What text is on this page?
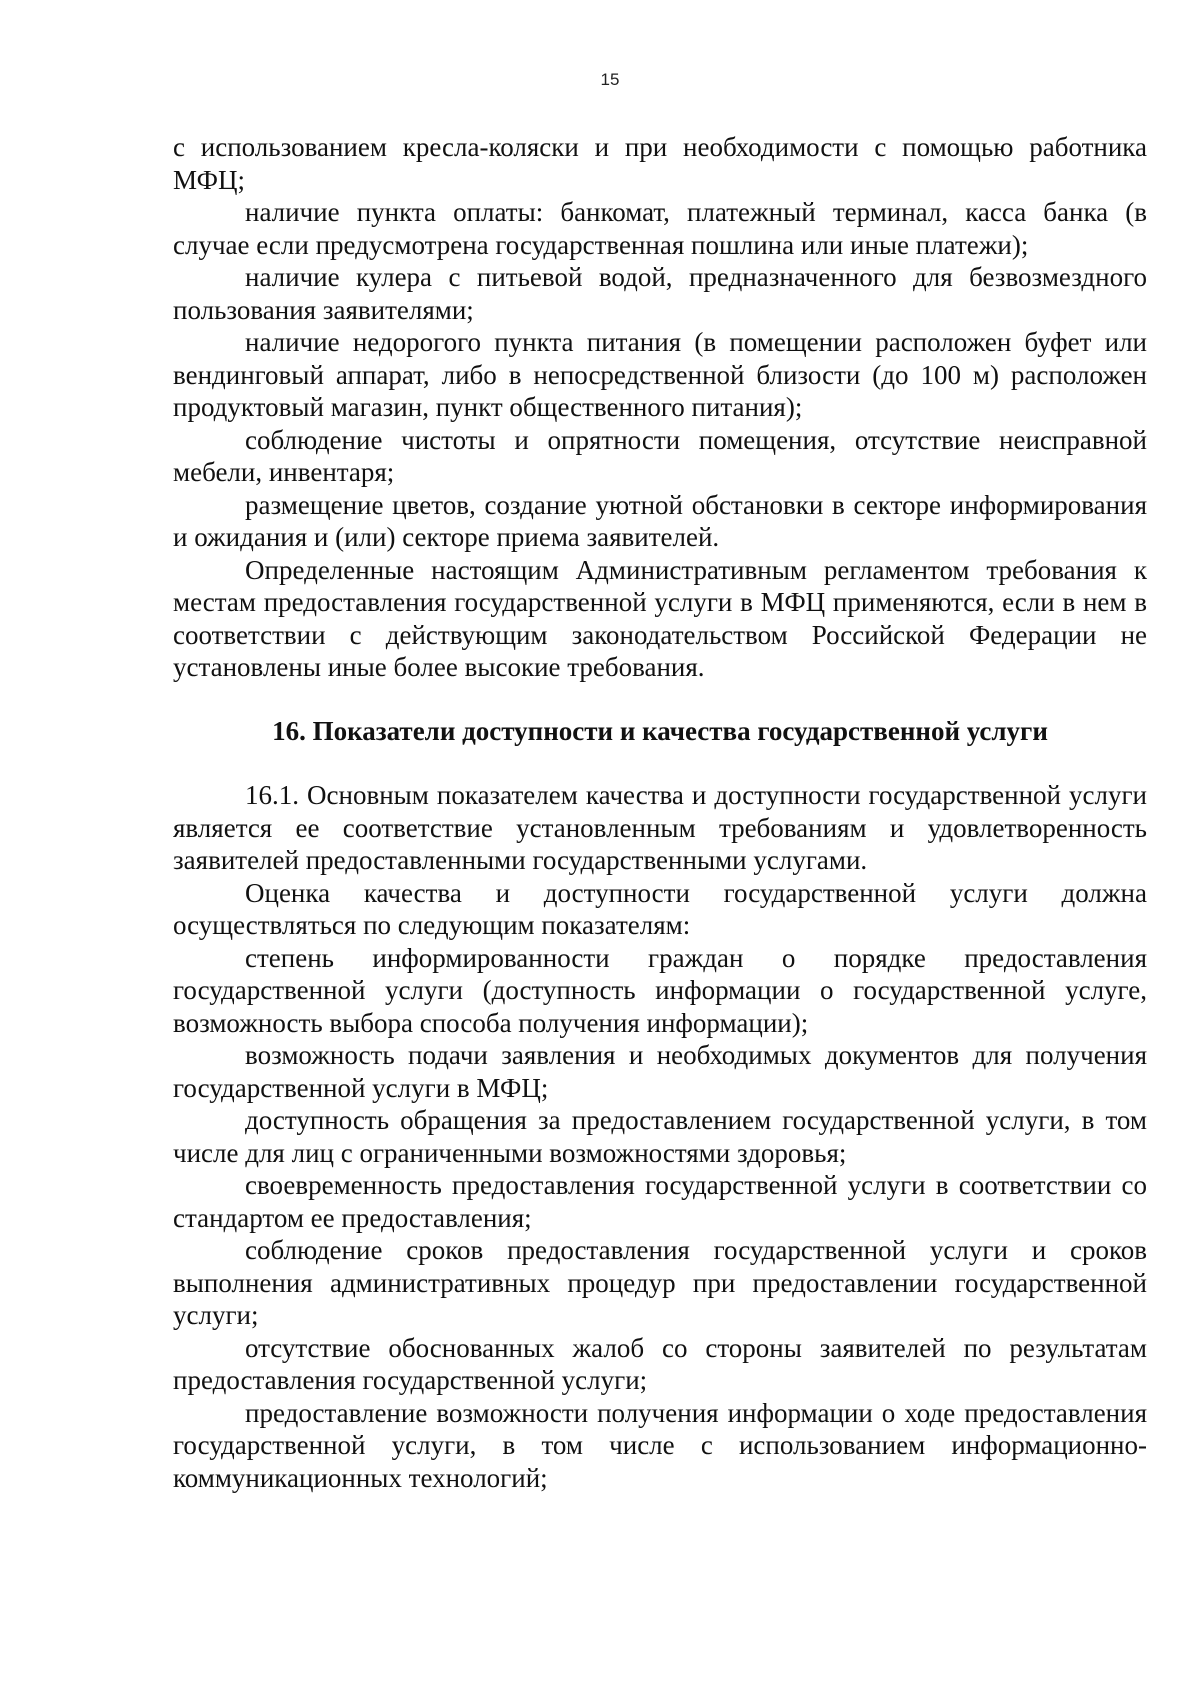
15

с использованием кресла-коляски и при необходимости с помощью работника МФЦ;

наличие пункта оплаты: банкомат, платежный терминал, касса банка (в случае если предусмотрена государственная пошлина или иные платежи);

наличие кулера с питьевой водой, предназначенного для безвозмездного пользования заявителями;

наличие недорогого пункта питания (в помещении расположен буфет или вендинговый аппарат, либо в непосредственной близости (до 100 м) расположен продуктовый магазин, пункт общественного питания);

соблюдение чистоты и опрятности помещения, отсутствие неисправной мебели, инвентаря;

размещение цветов, создание уютной обстановки в секторе информирования и ожидания и (или) секторе приема заявителей.

Определенные настоящим Административным регламентом требования к местам предоставления государственной услуги в МФЦ применяются, если в нем в соответствии с действующим законодательством Российской Федерации не установлены иные более высокие требования.

16. Показатели доступности и качества государственной услуги

16.1. Основным показателем качества и доступности государственной услуги является ее соответствие установленным требованиям и удовлетворенность заявителей предоставленными государственными услугами.

Оценка качества и доступности государственной услуги должна осуществляться по следующим показателям:

степень информированности граждан о порядке предоставления государственной услуги (доступность информации о государственной услуге, возможность выбора способа получения информации);

возможность подачи заявления и необходимых документов для получения государственной услуги в МФЦ;

доступность обращения за предоставлением государственной услуги, в том числе для лиц с ограниченными возможностями здоровья;

своевременность предоставления государственной услуги в соответствии со стандартом ее предоставления;

соблюдение сроков предоставления государственной услуги и сроков выполнения административных процедур при предоставлении государственной услуги;

отсутствие обоснованных жалоб со стороны заявителей по результатам предоставления государственной услуги;

предоставление возможности получения информации о ходе предоставления государственной услуги, в том числе с использованием информационно-коммуникационных технологий;
